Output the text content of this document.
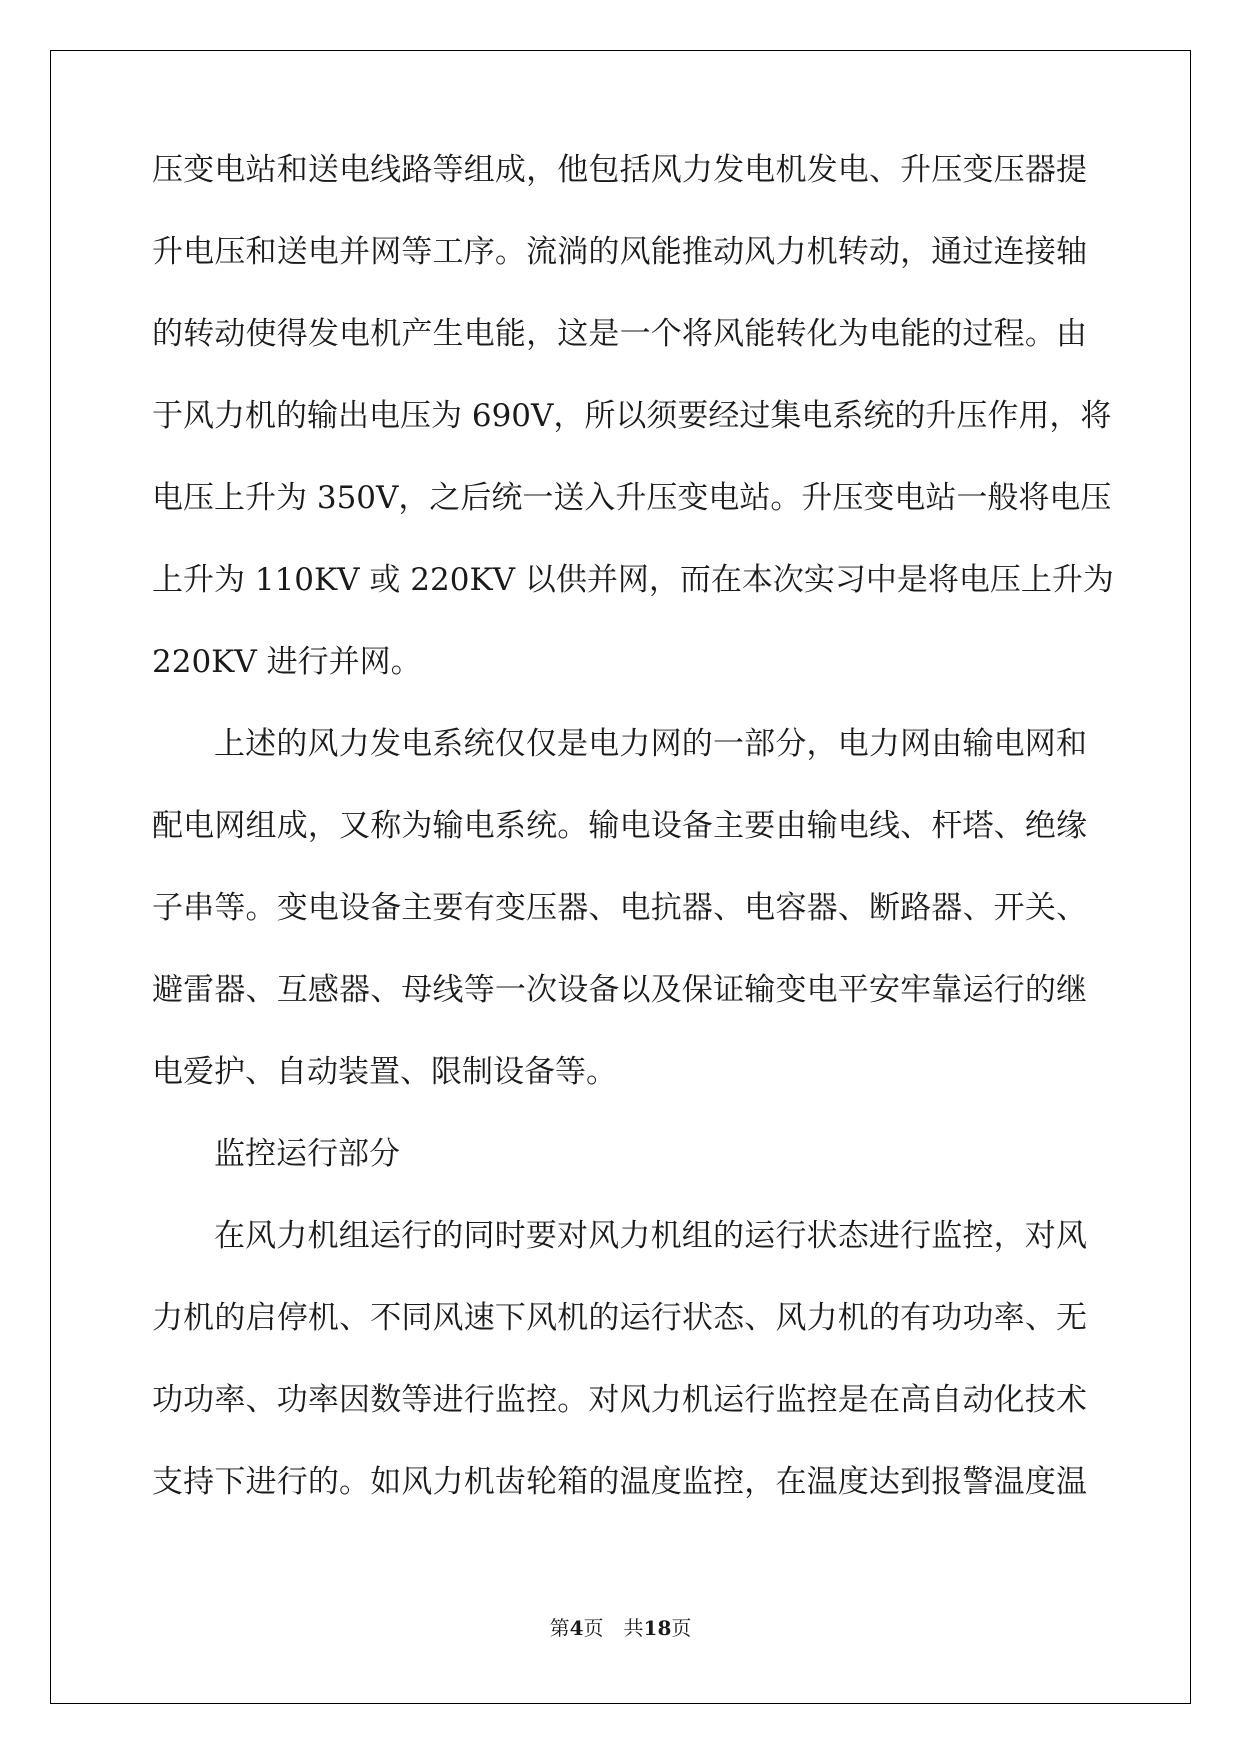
压变电站和送电线路等组成，他包括风力发电机发电、升压变压器提
升电压和送电并网等工序。流淌的风能推动风力机转动，通过连接轴
的转动使得发电机产生电能，这是一个将风能转化为电能的过程。由
于风力机的输出电压为 690V，所以须要经过集电系统的升压作用，将
电压上升为 350V，之后统一送入升压变电站。升压变电站一般将电压
上升为 110KV 或 220KV 以供并网，而在本次实习中是将电压上升为
220KV 进行并网。
上述的风力发电系统仅仅是电力网的一部分，电力网由输电网和
配电网组成，又称为输电系统。输电设备主要由输电线、杆塔、绝缘
子串等。变电设备主要有变压器、电抗器、电容器、断路器、开关、
避雷器、互感器、母线等一次设备以及保证输变电平安牢靠运行的继
电爱护、自动装置、限制设备等。
监控运行部分
在风力机组运行的同时要对风力机组的运行状态进行监控，对风
力机的启停机、不同风速下风机的运行状态、风力机的有功功率、无
功功率、功率因数等进行监控。对风力机运行监控是在高自动化技术
支持下进行的。如风力机齿轮箱的温度监控，在温度达到报警温度温
第4页 共18页
